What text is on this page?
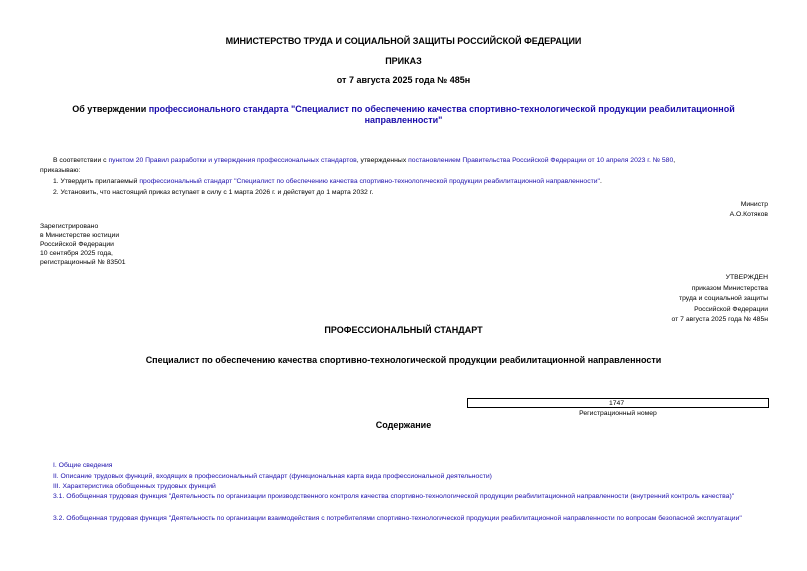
МИНИСТЕРСТВО ТРУДА И СОЦИАЛЬНОЙ ЗАЩИТЫ РОССИЙСКОЙ ФЕДЕРАЦИИ
ПРИКАЗ
от 7 августа 2025 года № 485н
Об утверждении профессионального стандарта "Специалист по обеспечению качества спортивно-технологической продукции реабилитационной направленности"
В соответствии с пунктом 20 Правил разработки и утверждения профессиональных стандартов, утвержденных постановлением Правительства Российской Федерации от 10 апреля 2023 г. № 580,
приказываю:
1. Утвердить прилагаемый профессиональный стандарт "Специалист по обеспечению качества спортивно-технологической продукции реабилитационной направленности".
2. Установить, что настоящий приказ вступает в силу с 1 марта 2026 г. и действует до 1 марта 2032 г.
Министр
А.О.Котяков
Зарегистрировано
в Министерстве юстиции
Российской Федерации
10 сентября 2025 года,
регистрационный № 83501
УТВЕРЖДЕН
приказом Министерства
труда и социальной защиты
Российской Федерации
от 7 августа 2025 года № 485н
ПРОФЕССИОНАЛЬНЫЙ СТАНДАРТ
Специалист по обеспечению качества спортивно-технологической продукции реабилитационной направленности
1747
Регистрационный номер
Содержание
I. Общие сведения
II. Описание трудовых функций, входящих в профессиональный стандарт (функциональная карта вида профессиональной деятельности)
III. Характеристика обобщенных трудовых функций
3.1. Обобщенная трудовая функция "Деятельность по организации производственного контроля качества спортивно-технологической продукции реабилитационной направленности (внутренний контроль качества)"
3.2. Обобщенная трудовая функция "Деятельность по организации взаимодействия с потребителями спортивно-технологической продукции реабилитационной направленности по вопросам безопасной эксплуатации"
